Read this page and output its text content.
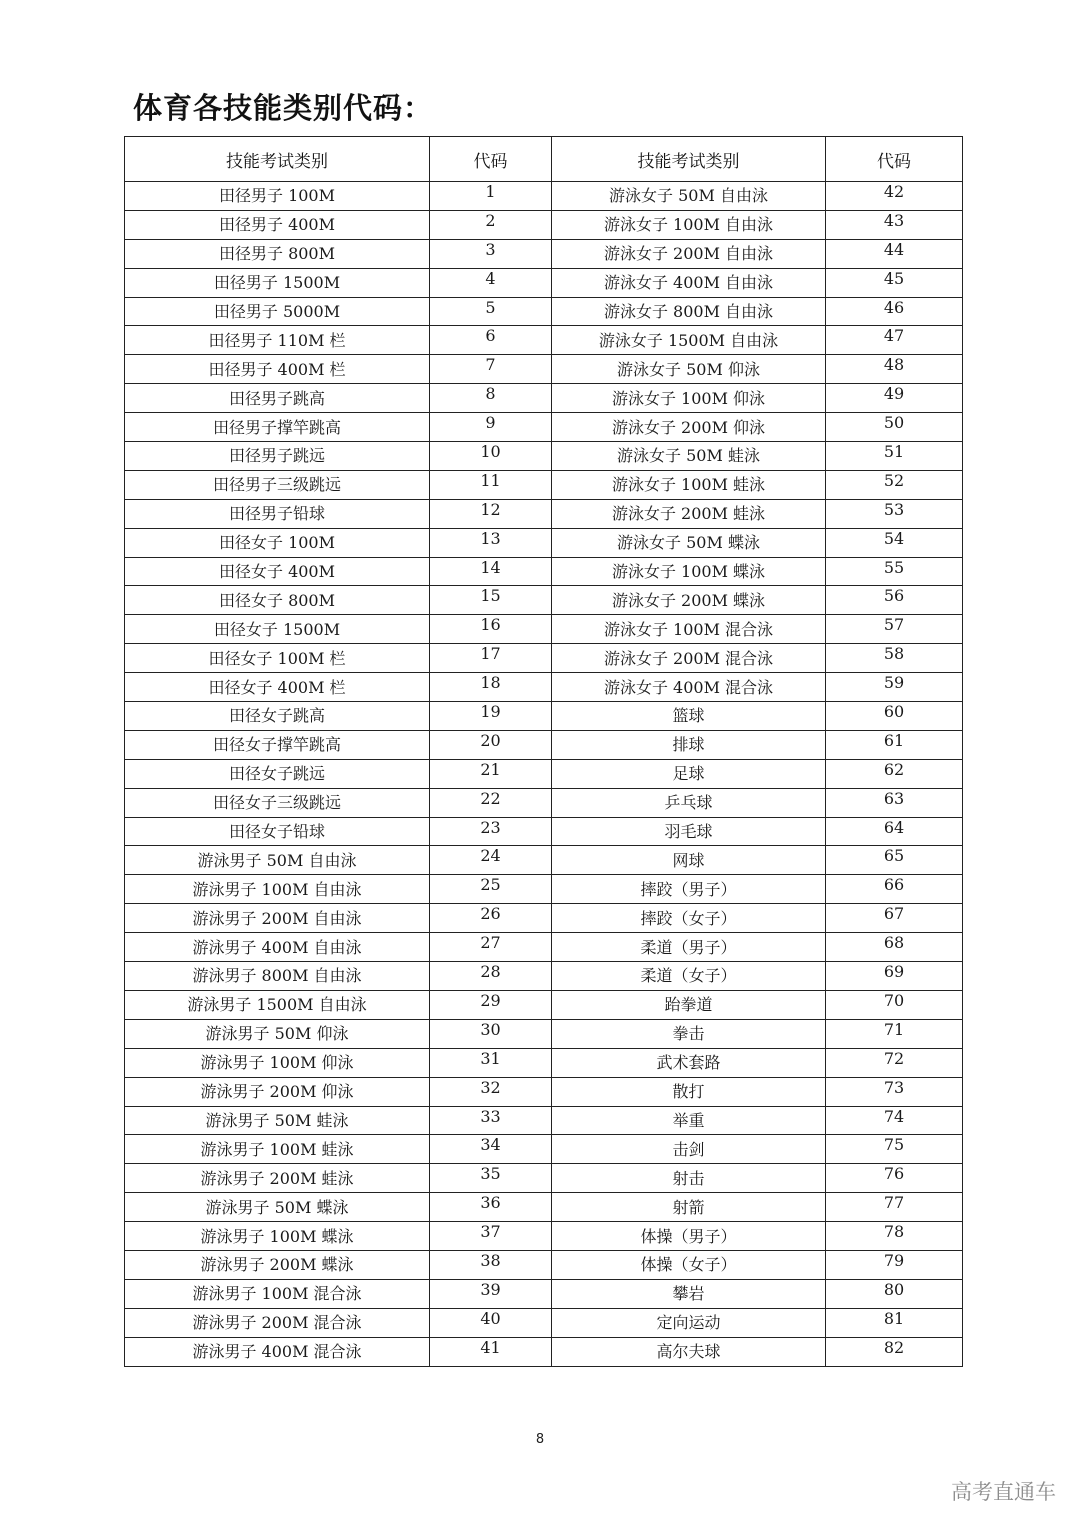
体育各技能类别代码：
技能考试类别	代码	技能考试类别	代码
田径男子 100M	1	游泳女子 50M 自由泳	42
田径男子 400M	2	游泳女子 100M 自由泳	43
田径男子 800M	3	游泳女子 200M 自由泳	44
田径男子 1500M	4	游泳女子 400M 自由泳	45
田径男子 5000M	5	游泳女子 800M 自由泳	46
田径男子 110M 栏	6	游泳女子 1500M 自由泳	47
田径男子 400M 栏	7	游泳女子 50M 仰泳	48
田径男子跳高	8	游泳女子 100M 仰泳	49
田径男子撑竿跳高	9	游泳女子 200M 仰泳	50
田径男子跳远	10	游泳女子 50M 蛙泳	51
田径男子三级跳远	11	游泳女子 100M 蛙泳	52
田径男子铅球	12	游泳女子 200M 蛙泳	53
田径女子 100M	13	游泳女子 50M 蝶泳	54
田径女子 400M	14	游泳女子 100M 蝶泳	55
田径女子 800M	15	游泳女子 200M 蝶泳	56
田径女子 1500M	16	游泳女子 100M 混合泳	57
田径女子 100M 栏	17	游泳女子 200M 混合泳	58
田径女子 400M 栏	18	游泳女子 400M 混合泳	59
田径女子跳高	19	篮球	60
田径女子撑竿跳高	20	排球	61
田径女子跳远	21	足球	62
田径女子三级跳远	22	乒乓球	63
田径女子铅球	23	羽毛球	64
游泳男子 50M 自由泳	24	网球	65
游泳男子 100M 自由泳	25	摔跤（男子）	66
游泳男子 200M 自由泳	26	摔跤（女子）	67
游泳男子 400M 自由泳	27	柔道（男子）	68
游泳男子 800M 自由泳	28	柔道（女子）	69
游泳男子 1500M 自由泳	29	跆拳道	70
游泳男子 50M 仰泳	30	拳击	71
游泳男子 100M 仰泳	31	武术套路	72
游泳男子 200M 仰泳	32	散打	73
游泳男子 50M 蛙泳	33	举重	74
游泳男子 100M 蛙泳	34	击剑	75
游泳男子 200M 蛙泳	35	射击	76
游泳男子 50M 蝶泳	36	射箭	77
游泳男子 100M 蝶泳	37	体操（男子）	78
游泳男子 200M 蝶泳	38	体操（女子）	79
游泳男子 100M 混合泳	39	攀岩	80
游泳男子 200M 混合泳	40	定向运动	81
游泳男子 400M 混合泳	41	高尔夫球	82
8
高考直通车
